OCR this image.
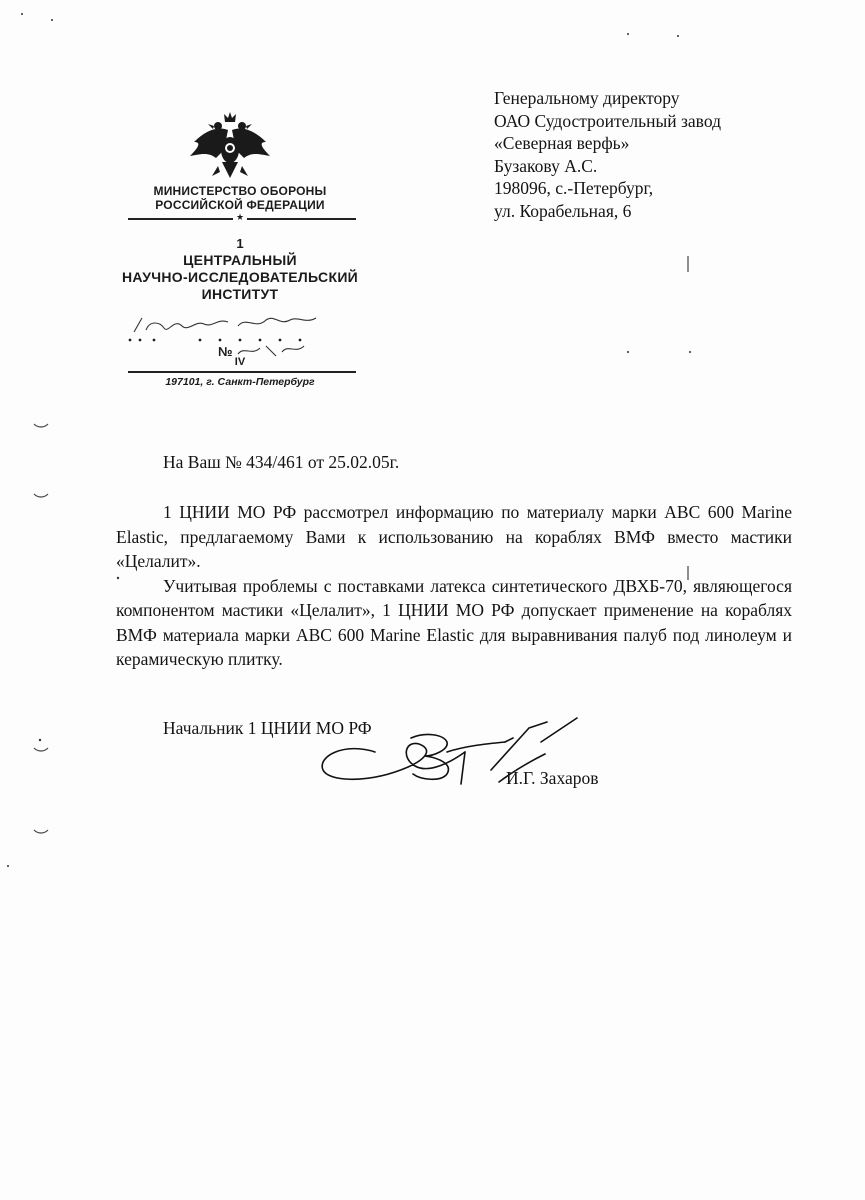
МИНИСТЕРСТВО ОБОРОНЫ
РОССИЙСКОЙ ФЕДЕРАЦИИ
★
1
ЦЕНТРАЛЬНЫЙ
НАУЧНО-ИССЛЕДОВАТЕЛЬСКИЙ
ИНСТИТУТ
№
IV
197101, г. Санкт-Петербург
Генеральному директору
ОАО Судостроительный завод
«Северная верфь»
Бузакову А.С.
198096, с.-Петербург,
ул. Корабельная, 6
На Ваш № 434/461 от 25.02.05г.

1 ЦНИИ МО РФ рассмотрел информацию по материалу марки ABC 600 Marine Elastic, предлагаемому Вами к использованию на кораблях ВМФ вместо мастики «Целалит».

Учитывая проблемы с поставками латекса синтетического ДВХБ-70, являющегося компонентом мастики «Целалит», 1 ЦНИИ МО РФ допускает применение на кораблях ВМФ материала марки ABC 600 Marine Elastic для выравнивания палуб под линолеум и керамическую плитку.

Начальник 1 ЦНИИ МО РФ
И.Г. Захаров
